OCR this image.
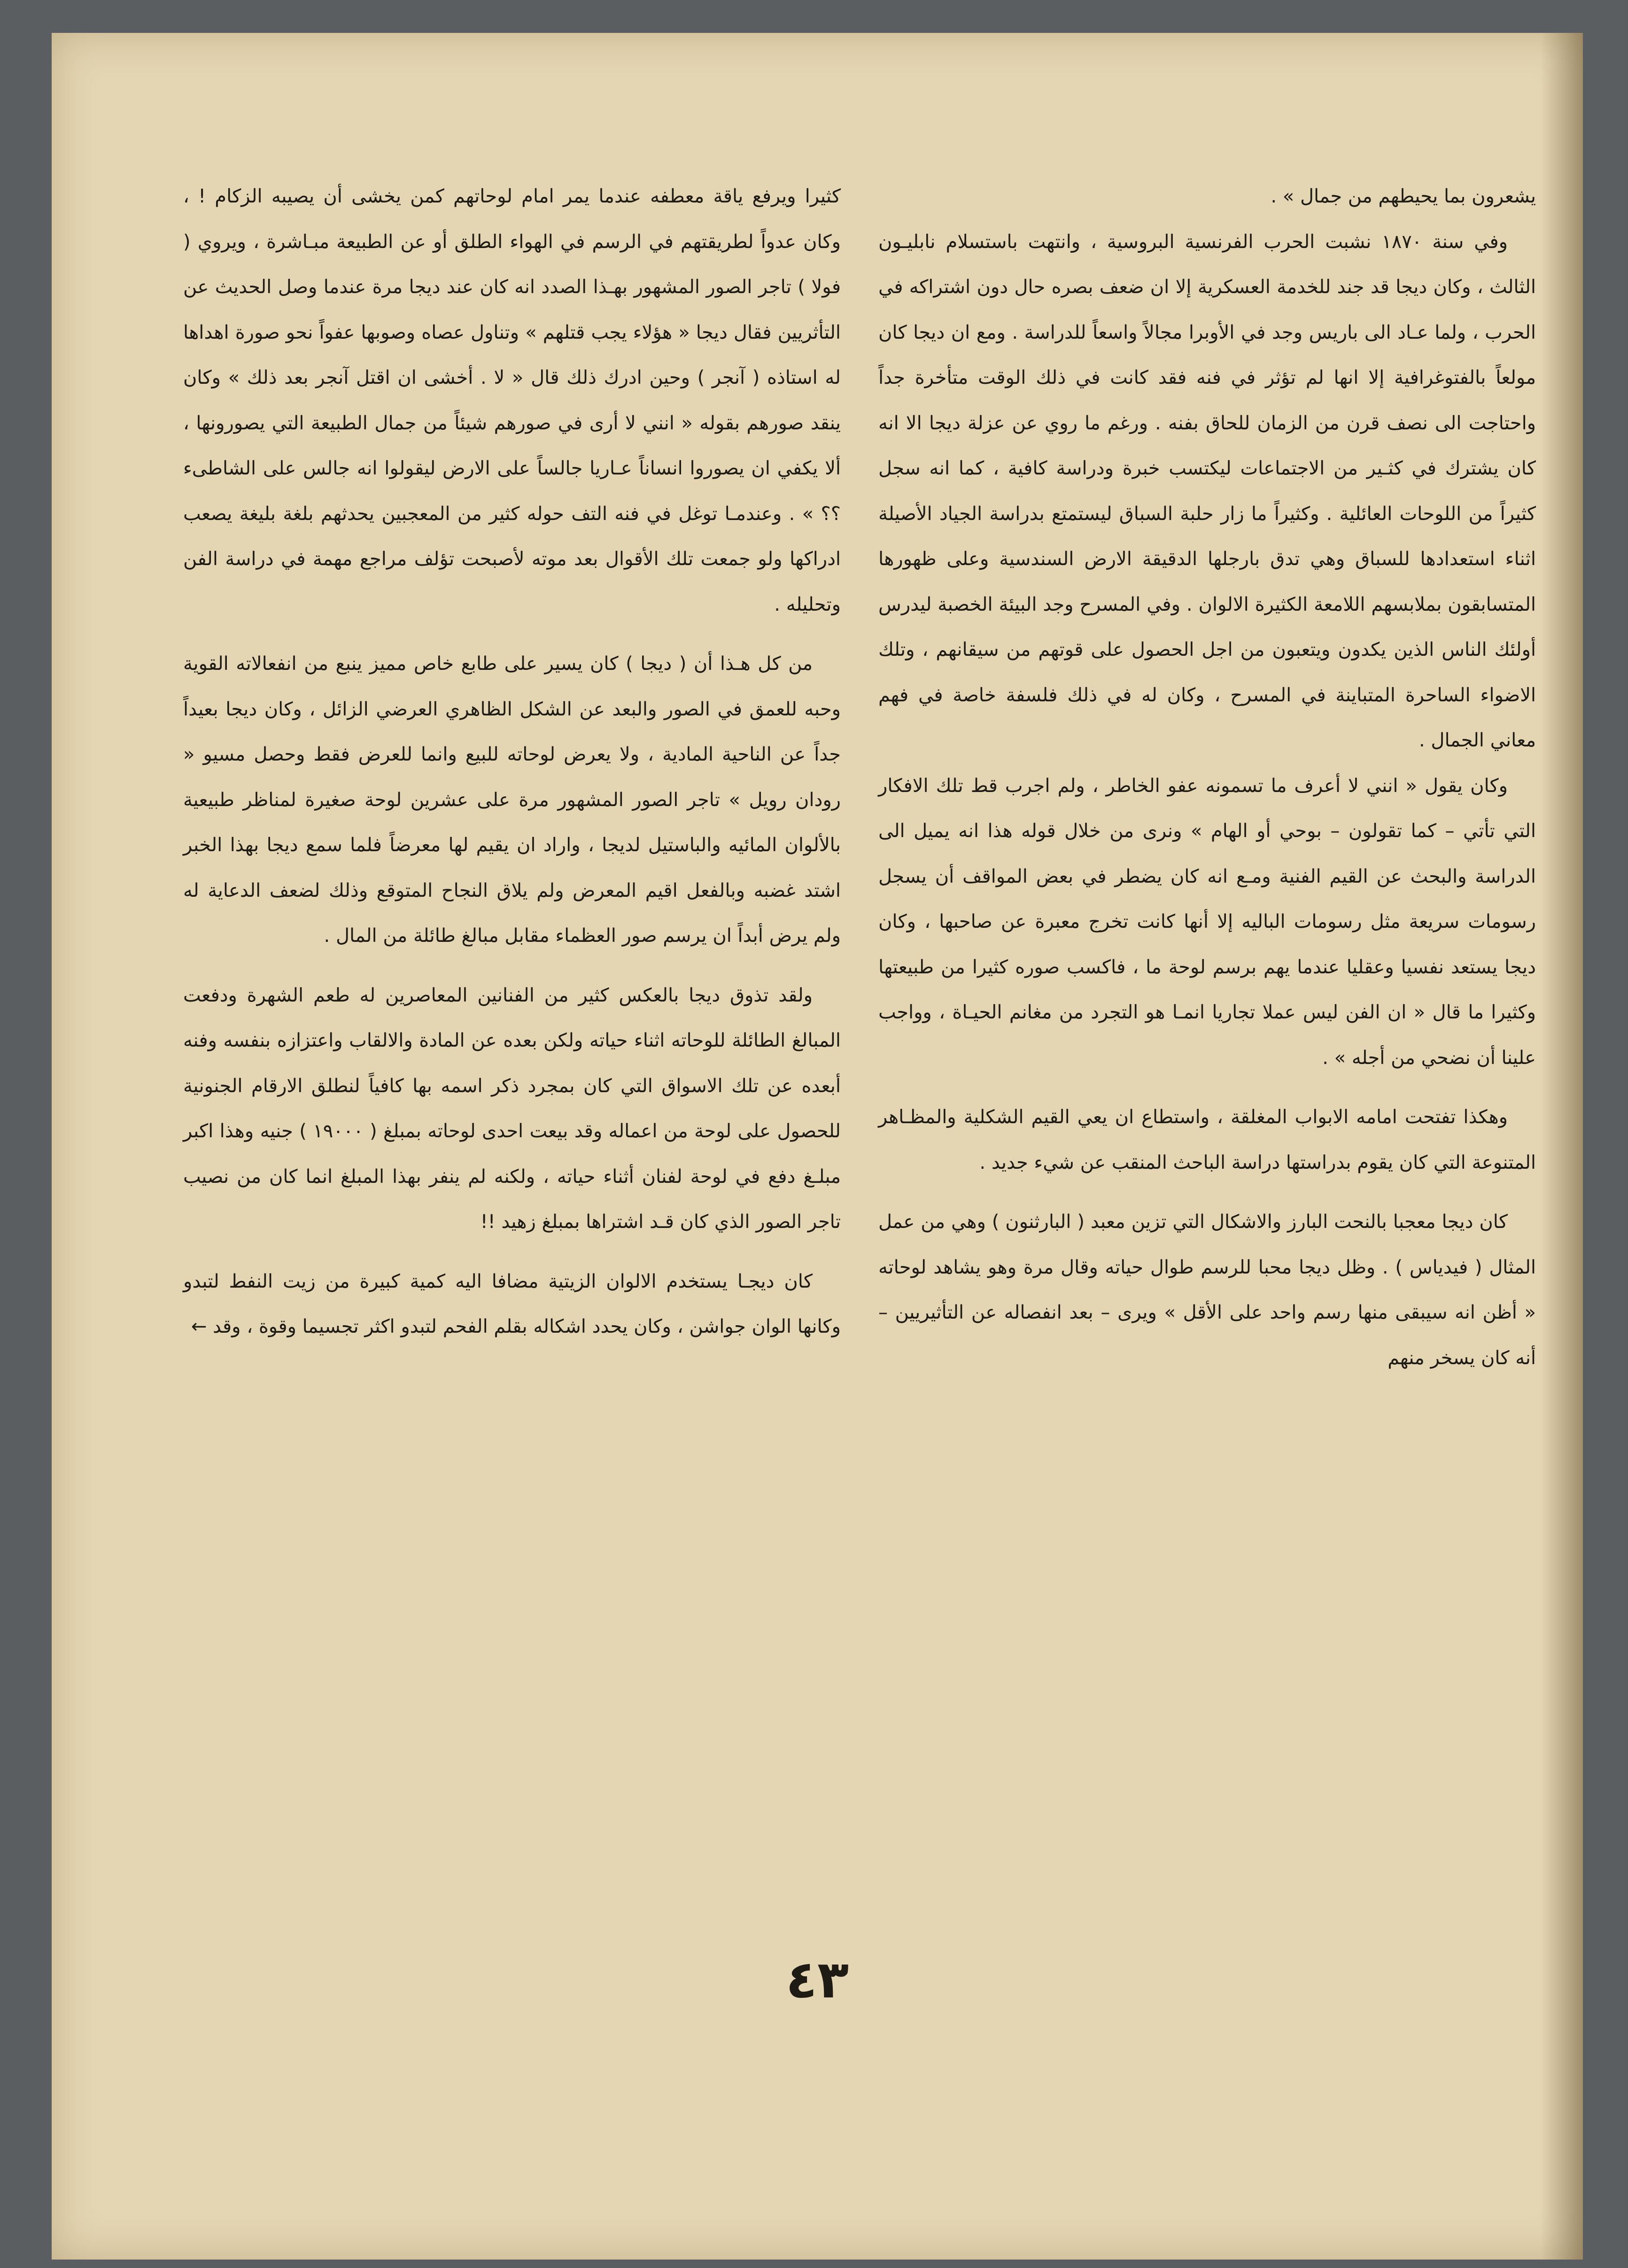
يشعرون بما يحيطهم من جمال » .

وفي سنة ١٨٧٠ نشبت الحرب الفرنسية البروسية ، وانتهت باستسلام نابليـون الثالث ، وكان ديجا قد جند للخدمة العسكرية إلا ان ضعف بصره حال دون اشتراكه في الحرب ، ولما عـاد الى باريس وجد في الأوبرا مجالاً واسعاً للدراسة . ومع ان ديجا كان مولعاً بالفتوغرافية إلا انها لم تؤثر في فنه فقد كانت في ذلك الوقت متأخرة جداً واحتاجت الى نصف قرن من الزمان للحاق بفنه . ورغم ما روي عن عزلة ديجا الا انه كان يشترك في كثـير من الاجتماعات ليكتسب خبرة ودراسة كافية ، كما انه سجل كثيراً من اللوحات العائلية . وكثيراً ما زار حلبة السباق ليستمتع بدراسة الجياد الأصيلة اثناء استعدادها للسباق وهي تدق بارجلها الدقيقة الارض السندسية وعلى ظهورها المتسابقون بملابسهم اللامعة الكثيرة الالوان . وفي المسرح وجد البيئة الخصبة ليدرس أولئك الناس الذين يكدون ويتعبون من اجل الحصول على قوتهم من سيقانهم ، وتلك الاضواء الساحرة المتباينة في المسرح ، وكان له في ذلك فلسفة خاصة في فهم معاني الجمال .

وكان يقول « انني لا أعرف ما تسمونه عفو الخاطر ، ولم اجرب قط تلك الافكار التي تأتي – كما تقولون – بوحي أو الهام » ونرى من خلال قوله هذا انه يميل الى الدراسة والبحث عن القيم الفنية ومـع انه كان يضطر في بعض المواقف أن يسجل رسومات سريعة مثل رسومات الباليه إلا أنها كانت تخرج معبرة عن صاحبها ، وكان ديجا يستعد نفسيا وعقليا عندما يهم برسم لوحة ما ، فاكسب صوره كثيرا من طبيعتها وكثيرا ما قال « ان الفن ليس عملا تجاريا انمـا هو التجرد من مغانم الحيـاة ، وواجب علينا أن نضحي من أجله » .

وهكذا تفتحت امامه الابواب المغلقة ، واستطاع ان يعي القيم الشكلية والمظـاهر المتنوعة التي كان يقوم بدراستها دراسة الباحث المنقب عن شيء جديد .

كان ديجا معجبا بالنحت البارز والاشكال التي تزين معبد ( البارثنون ) وهي من عمل المثال ( فيدياس ) . وظل ديجا محبا للرسم طوال حياته وقال مرة وهو يشاهد لوحاته « أظن انه سيبقى منها رسم واحد على الأقل » ويرى – بعد انفصاله عن التأثيريين – أنه كان يسخر منهم

كثيرا ويرفع ياقة معطفه عندما يمر امام لوحاتهم كمن يخشى أن يصيبه الزكام ! ، وكان عدواً لطريقتهم في الرسم في الهواء الطلق أو عن الطبيعة مبـاشرة ، ويروي ( فولا ) تاجر الصور المشهور بهـذا الصدد انه كان عند ديجا مرة عندما وصل الحديث عن التأثريين فقال ديجا « هؤلاء يجب قتلهم » وتناول عصاه وصوبها عفواً نحو صورة اهداها له استاذه ( آنجر ) وحين ادرك ذلك قال « لا . أخشى ان اقتل آنجر بعد ذلك » وكان ينقد صورهم بقوله « انني لا أرى في صورهم شيئاً من جمال الطبيعة التي يصورونها ، ألا يكفي ان يصوروا انساناً عـاريا جالساً على الارض ليقولوا انه جالس على الشاطىء ؟؟ » . وعندمـا توغل في فنه التف حوله كثير من المعجبين يحدثهم بلغة بليغة يصعب ادراكها ولو جمعت تلك الأقوال بعد موته لأصبحت تؤلف مراجع مهمة في دراسة الفن وتحليله .

من كل هـذا أن ( ديجا ) كان يسير على طابع خاص مميز ينبع من انفعالاته القوية وحبه للعمق في الصور والبعد عن الشكل الظاهري العرضي الزائل ، وكان ديجا بعيداً جداً عن الناحية المادية ، ولا يعرض لوحاته للبيع وانما للعرض فقط وحصل مسيو « رودان رويل » تاجر الصور المشهور مرة على عشرين لوحة صغيرة لمناظر طبيعية بالألوان المائيه والباستيل لديجا ، واراد ان يقيم لها معرضاً فلما سمع ديجا بهذا الخبر اشتد غضبه وبالفعل اقيم المعرض ولم يلاق النجاح المتوقع وذلك لضعف الدعاية له ولم يرض أبداً ان يرسم صور العظماء مقابل مبالغ طائلة من المال .

ولقد تذوق ديجا بالعكس كثير من الفنانين المعاصرين له طعم الشهرة ودفعت المبالغ الطائلة للوحاته اثناء حياته ولكن بعده عن المادة والالقاب واعتزازه بنفسه وفنه أبعده عن تلك الاسواق التي كان بمجرد ذكر اسمه بها كافياً لنطلق الارقام الجنونية للحصول على لوحة من اعماله وقد بيعت احدى لوحاته بمبلغ ( ١٩٠٠٠ ) جنيه وهذا اكبر مبلـغ دفع في لوحة لفنان أثناء حياته ، ولكنه لم ينفر بهذا المبلغ انما كان من نصيب تاجر الصور الذي كان قـد اشتراها بمبلغ زهيد !!

كان ديجـا يستخدم الالوان الزيتية مضافا اليه كمية كبيرة من زيت النفط لتبدو وكانها الوان جواشن ، وكان يحدد اشكاله بقلم الفحم لتبدو اكثر تجسيما وقوة ، وقد ←

٤٣
